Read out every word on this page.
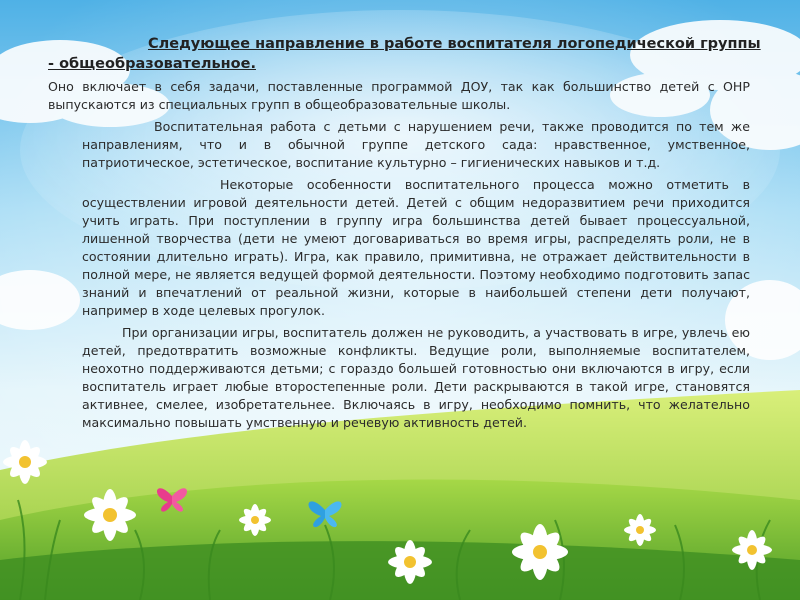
Следующее направление в работе воспитателя логопедической группы - общеобразовательное.

Оно включает в себя задачи, поставленные программой ДОУ, так как большинство детей с ОНР выпускаются из специальных групп в общеобразовательные школы.

Воспитательная работа с детьми с нарушением речи, также проводится по тем же направлениям, что и в обычной группе детского сада: нравственное, умственное, патриотическое, эстетическое, воспитание культурно – гигиенических навыков и т.д.

Некоторые особенности воспитательного процесса можно отметить в осуществлении игровой деятельности детей. Детей с общим недоразвитием речи приходится учить играть. При поступлении в группу игра большинства детей бывает процессуальной, лишенной творчества (дети не умеют договариваться во время игры, распределять роли, не в состоянии длительно играть). Игра, как правило, примитивна, не отражает действительности в полной мере, не является ведущей формой деятельности. Поэтому необходимо подготовить запас знаний и впечатлений от реальной жизни, которые в наибольшей степени дети получают, например в ходе целевых прогулок.

При организации игры, воспитатель должен не руководить, а участвовать в игре, увлечь ею детей, предотвратить возможные конфликты. Ведущие роли, выполняемые воспитателем, неохотно поддерживаются детьми; с гораздо большей готовностью они включаются в игру, если воспитатель играет любые второстепенные роли. Дети раскрываются в такой игре, становятся активнее, смелее, изобретательнее. Включаясь в игру, необходимо помнить, что желательно максимально повышать умственную и речевую активность детей.
